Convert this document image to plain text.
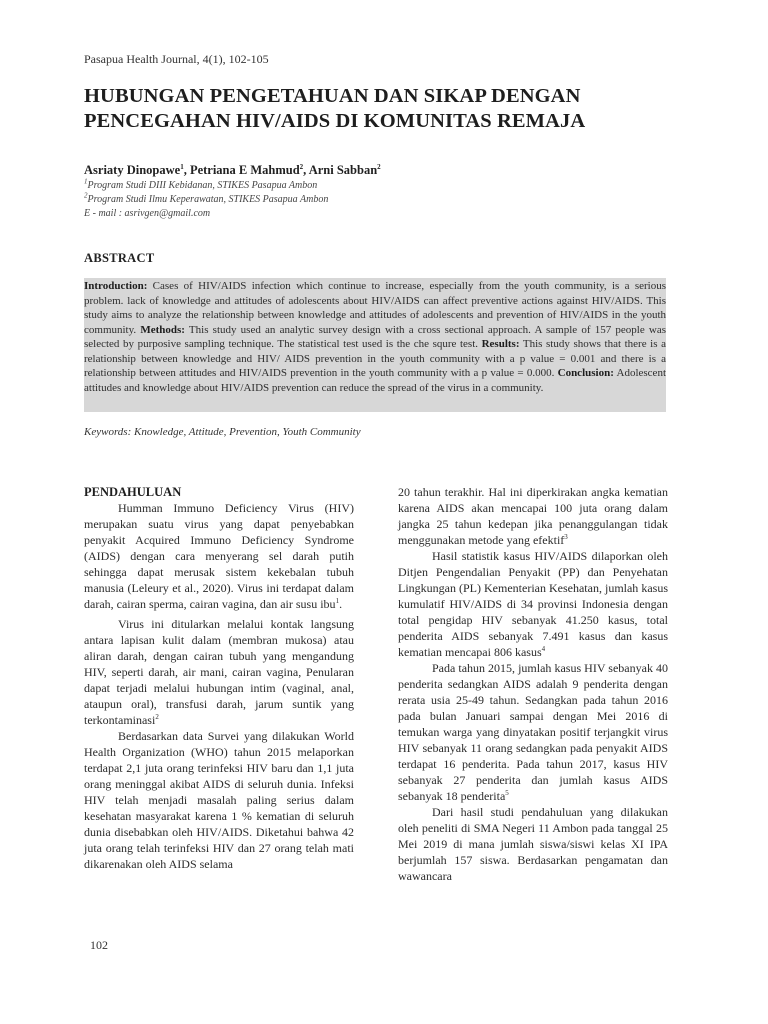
Pasapua Health Journal, 4(1), 102-105
HUBUNGAN PENGETAHUAN DAN SIKAP DENGAN
PENCEGAHAN HIV/AIDS DI KOMUNITAS REMAJA
Asriaty Dinopawe$^1$, Petriana E Mahmud$^2$, Arni Sabban$^2$
$^1$Program Studi DIII Kebidanan, STIKES Pasapua Ambon
$^2$Program Studi Ilmu Keperawatan, STIKES Pasapua Ambon
E - mail : asrivgen@gmail.com
ABSTRACT
Introduction: Cases of HIV/AIDS infection which continue to increase, especially from the youth community, is a serious problem. lack of knowledge and attitudes of adolescents about HIV/AIDS can affect preventive actions against HIV/AIDS. This study aims to analyze the relationship between knowledge and attitudes of adolescents and prevention of HIV/AIDS in the youth community. Methods: This study used an analytic survey design with a cross sectional approach. A sample of 157 people was selected by purposive sampling technique. The statistical test used is the che squre test. Results: This study shows that there is a relationship between knowledge and HIV/ AIDS prevention in the youth community with a p value = 0.001 and there is a relationship between attitudes and HIV/AIDS prevention in the youth community with a p value = 0.000. Conclusion: Adolescent attitudes and knowledge about HIV/AIDS prevention can reduce the spread of the virus in a community.
Keywords: Knowledge, Attitude, Prevention, Youth Community
PENDAHULUAN

Humman Immuno Deficiency Virus (HIV) merupakan suatu virus yang dapat penyebabkan penyakit Acquired Immuno Deficiency Syndrome (AIDS) dengan cara menyerang sel darah putih sehingga dapat merusak sistem kekebalan tubuh manusia (Leleury et al., 2020). Virus ini terdapat dalam darah, cairan sperma, cairan vagina, dan air susu ibu$^1$.

Virus ini ditularkan melalui kontak langsung antara lapisan kulit dalam (membran mukosa) atau aliran darah, dengan cairan tubuh yang mengandung HIV, seperti darah, air mani, cairan vagina, Penularan dapat terjadi melalui hubungan intim (vaginal, anal, ataupun oral), transfusi darah, jarum suntik yang terkontaminasi$^2$

Berdasarkan data Survei yang dilakukan World Health Organization (WHO) tahun 2015 melaporkan terdapat 2,1 juta orang terinfeksi HIV baru dan 1,1 juta orang meninggal akibat AIDS di seluruh dunia. Infeksi HIV telah menjadi masalah paling serius dalam kesehatan masyarakat karena 1 % kematian di seluruh dunia disebabkan oleh HIV/AIDS. Diketahui bahwa 42 juta orang telah terinfeksi HIV dan 27 orang telah mati dikarenakan oleh AIDS selama

20 tahun terakhir. Hal ini diperkirakan angka kematian karena AIDS akan mencapai 100 juta orang dalam jangka 25 tahun kedepan jika penanggulangan tidak menggunakan metode yang efektif$^3$

Hasil statistik kasus HIV/AIDS dilaporkan oleh Ditjen Pengendalian Penyakit (PP) dan Penyehatan Lingkungan (PL) Kementerian Kesehatan, jumlah kasus kumulatif HIV/AIDS di 34 provinsi Indonesia dengan total pengidap HIV sebanyak 41.250 kasus, total penderita AIDS sebanyak 7.491 kasus dan kasus kematian mencapai 806 kasus$^4$

Pada tahun 2015, jumlah kasus HIV sebanyak 40 penderita sedangkan AIDS adalah 9 penderita dengan rerata usia 25-49 tahun. Sedangkan pada tahun 2016 pada bulan Januari sampai dengan Mei 2016 di temukan warga yang dinyatakan positif terjangkit virus HIV sebanyak 11 orang sedangkan pada penyakit AIDS terdapat 16 penderita. Pada tahun 2017, kasus HIV sebanyak 27 penderita dan jumlah kasus AIDS sebanyak 18 penderita$^5$

Dari hasil studi pendahuluan yang dilakukan oleh peneliti di SMA Negeri 11 Ambon pada tanggal 25 Mei 2019 di mana jumlah siswa/siswi kelas XI IPA berjumlah 157 siswa. Berdasarkan pengamatan dan wawancara

102
